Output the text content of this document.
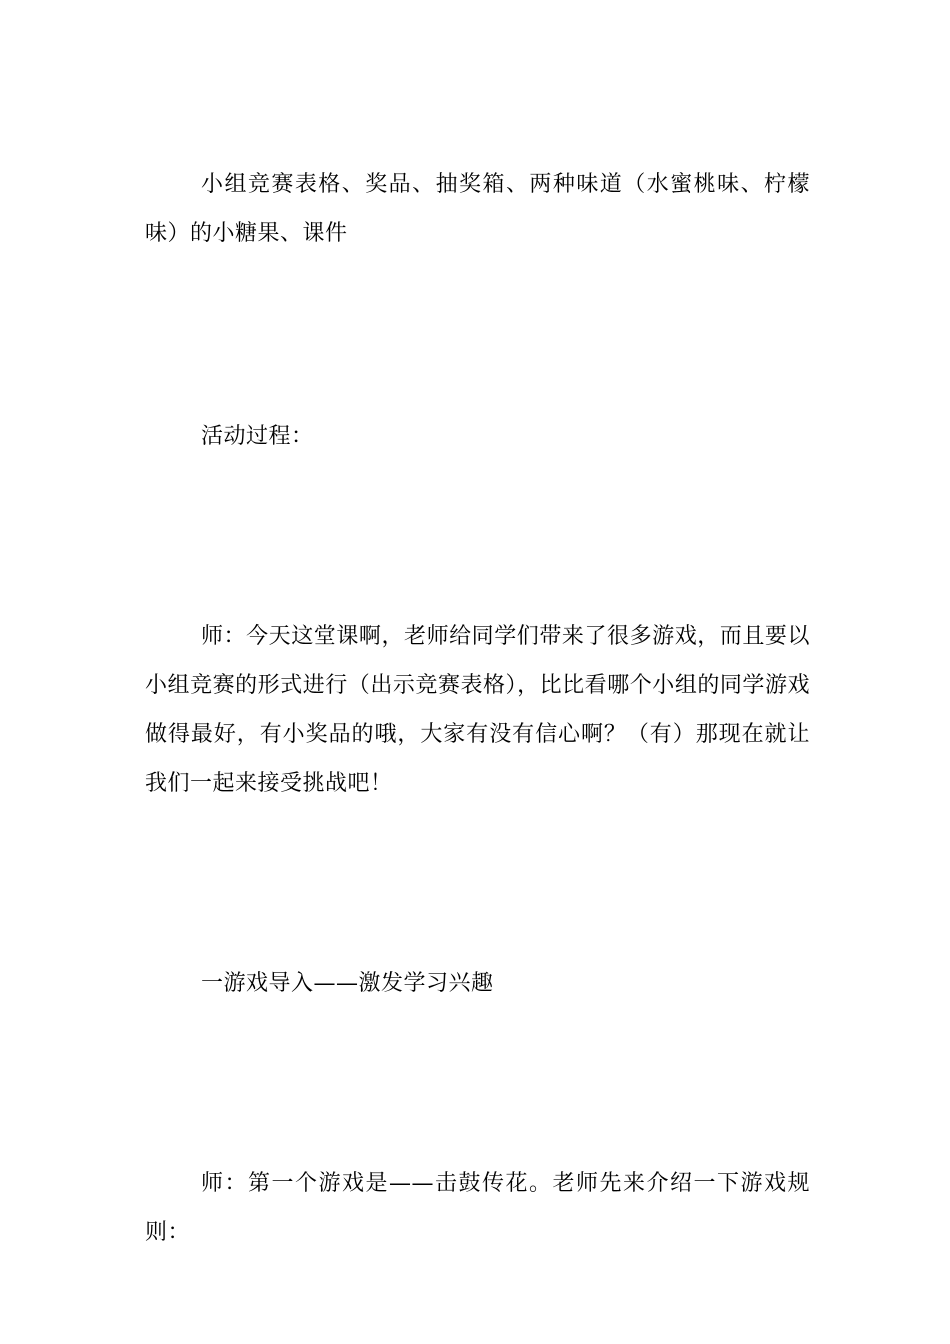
小组竞赛表格、奖品、抽奖箱、两种味道（水蜜桃味、柠檬味）的小糖果、课件

活动过程：

师：今天这堂课啊，老师给同学们带来了很多游戏，而且要以小组竞赛的形式进行（出示竞赛表格），比比看哪个小组的同学游戏做得最好，有小奖品的哦，大家有没有信心啊？（有）那现在就让我们一起来接受挑战吧！

一游戏导入——激发学习兴趣

师：第一个游戏是——击鼓传花。老师先来介绍一下游戏规则：
